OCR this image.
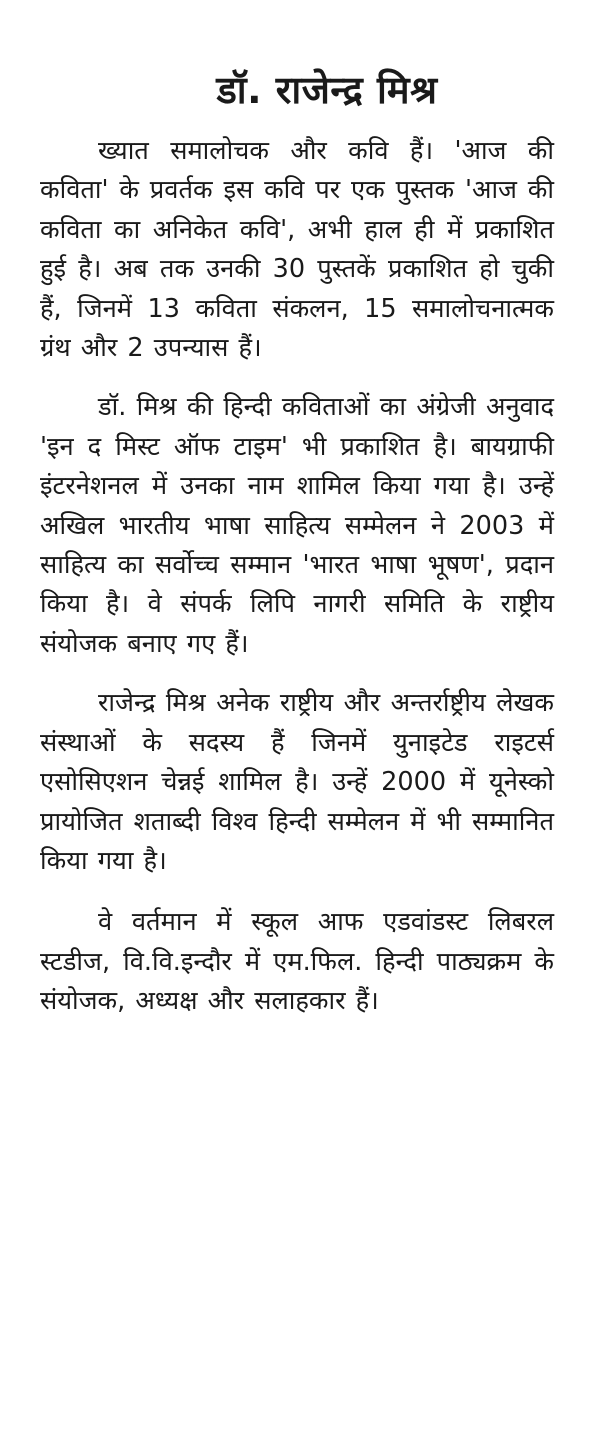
डॉ. राजेन्द्र मिश्र

ख्यात समालोचक और कवि हैं। 'आज की कविता' के प्रवर्तक इस कवि पर एक पुस्तक 'आज की कविता का अनिकेत कवि', अभी हाल ही में प्रकाशित हुई है। अब तक उनकी 30 पुस्तकें प्रकाशित हो चुकी हैं, जिनमें 13 कविता संकलन, 15 समालोचनात्मक ग्रंथ और 2 उपन्यास हैं।

डॉ. मिश्र की हिन्दी कविताओं का अंग्रेजी अनुवाद 'इन द मिस्ट ऑफ टाइम' भी प्रकाशित है। बायग्राफी इंटरनेशनल में उनका नाम शामिल किया गया है। उन्हें अखिल भारतीय भाषा साहित्य सम्मेलन ने 2003 में साहित्य का सर्वोच्च सम्मान 'भारत भाषा भूषण', प्रदान किया है। वे संपर्क लिपि नागरी समिति के राष्ट्रीय संयोजक बनाए गए हैं।

राजेन्द्र मिश्र अनेक राष्ट्रीय और अन्तर्राष्ट्रीय लेखक संस्थाओं के सदस्य हैं जिनमें युनाइटेड राइटर्स एसोसिएशन चेन्नई शामिल है। उन्हें 2000 में यूनेस्को प्रायोजित शताब्दी विश्व हिन्दी सम्मेलन में भी सम्मानित किया गया है।

वे वर्तमान में स्कूल आफ एडवांडस्ट लिबरल स्टडीज, वि.वि.इन्दौर में एम.फिल. हिन्दी पाठ्यक्रम के संयोजक, अध्यक्ष और सलाहकार हैं।
